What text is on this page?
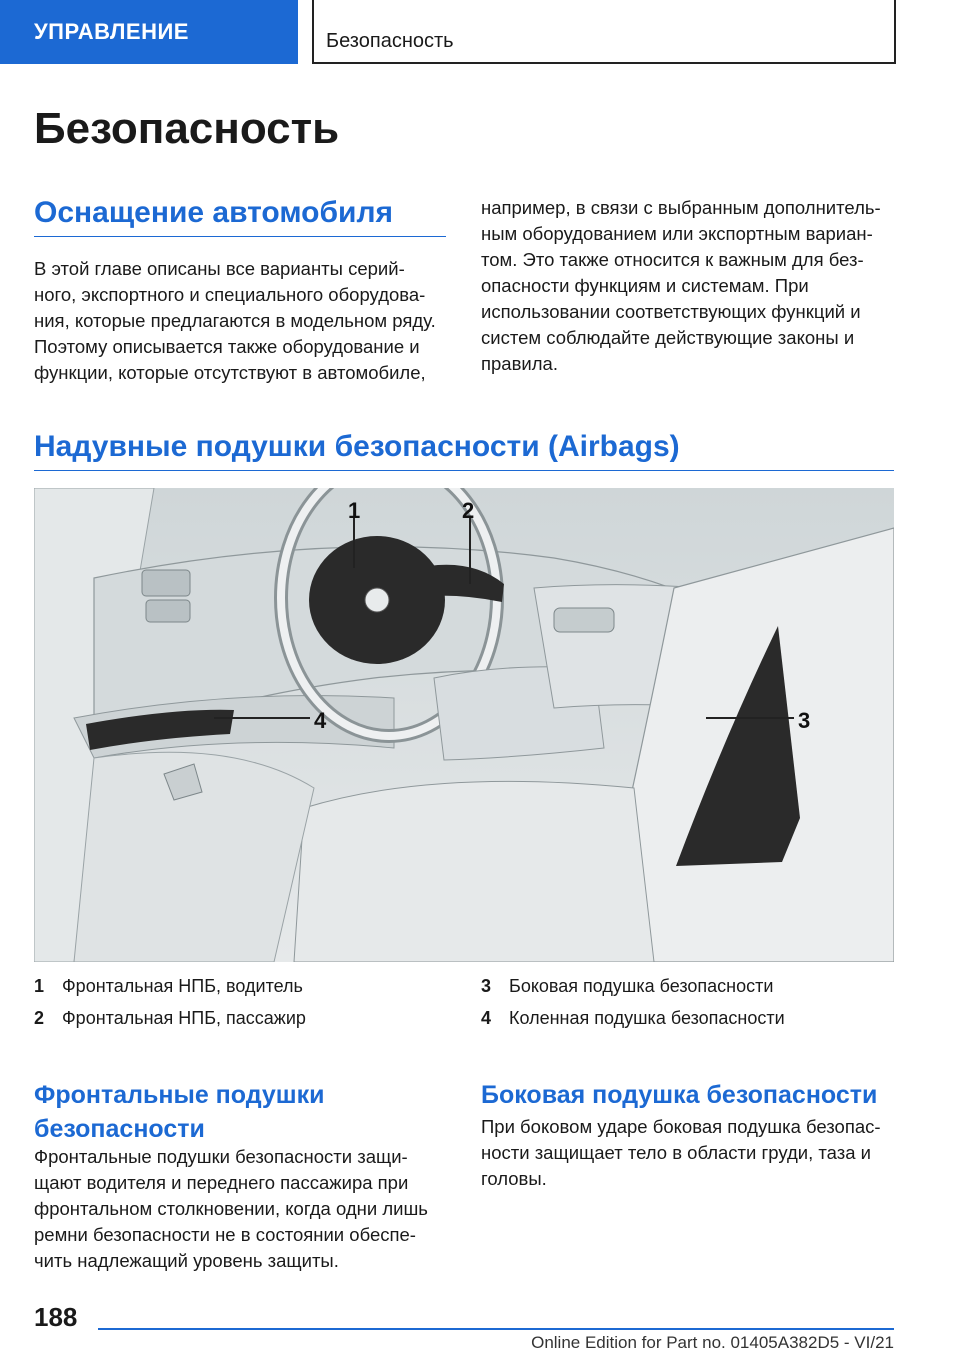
УПРАВЛЕНИЕ	Безопасность
Безопасность
Оснащение автомобиля
В этой главе описаны все варианты серий-
ного, экспортного и специального оборудова-
ния, которые предлагаются в модельном ряду.
Поэтому описывается также оборудование и
функции, которые отсутствуют в автомобиле,
например, в связи с выбранным дополнитель-
ным оборудованием или экспортным вариан-
том. Это также относится к важным для без-
опасности функциям и системам. При
использовании соответствующих функций и
систем соблюдайте действующие законы и
правила.
Надувные подушки безопасности (Airbags)
1	2
3
4
1 Фронтальная НПБ, водитель
2 Фронтальная НПБ, пассажир
3 Боковая подушка безопасности
4 Коленная подушка безопасности
Фронтальные подушки
безопасности
Фронтальные подушки безопасности защи-
щают водителя и переднего пассажира при
фронтальном столкновении, когда одни лишь
ремни безопасности не в состоянии обеспе-
чить надлежащий уровень защиты.
Боковая подушка безопасности
При боковом ударе боковая подушка безопас-
ности защищает тело в области груди, таза и
головы.
188
Online Edition for Part no. 01405A382D5 - VI/21
